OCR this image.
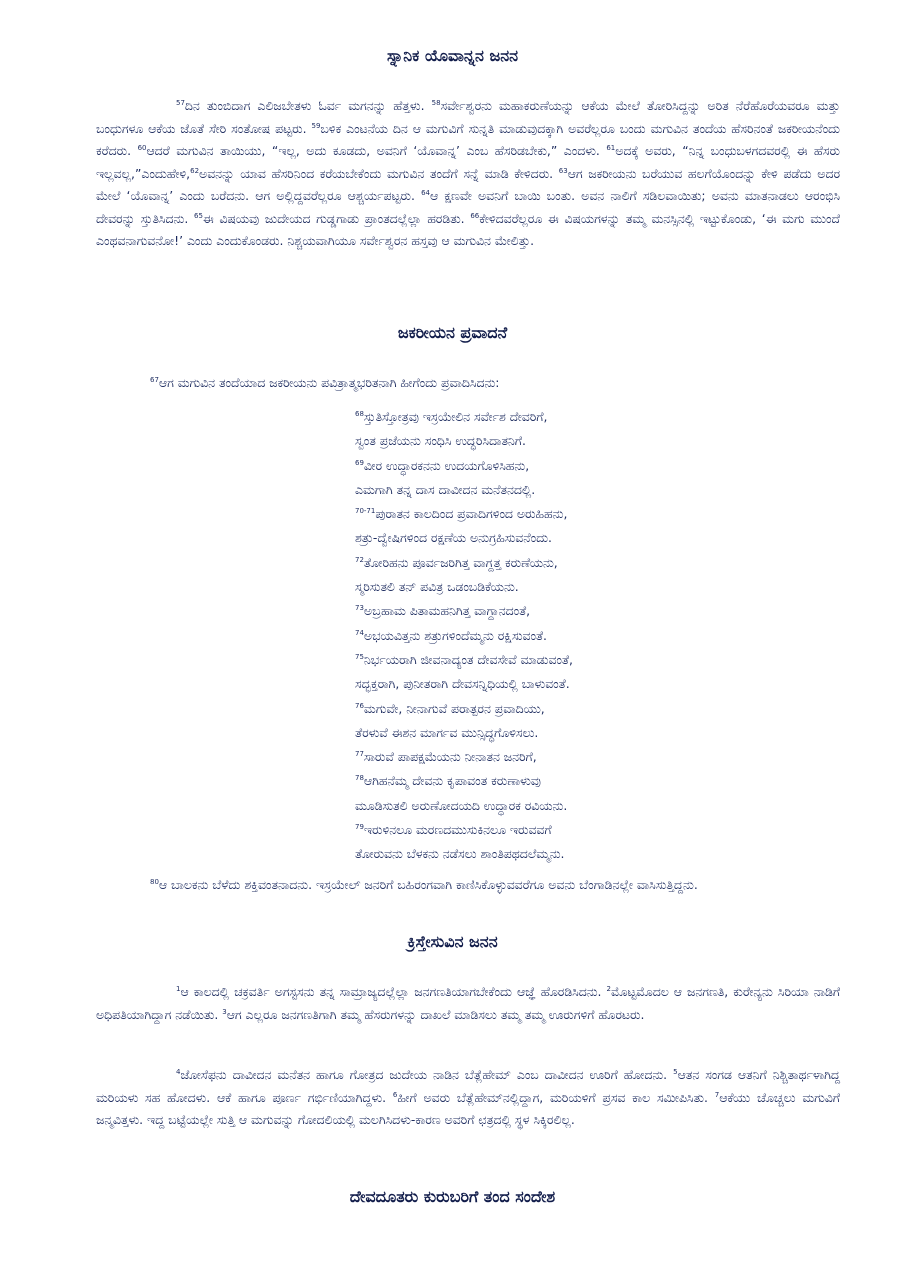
ಸ್ನಾನಿಕ ಯೊವಾನ್ನನ ಜನನ
$^{57}$ದಿನ ತುಂಬಿದಾಗ ಎಲಿಜಬೇತಳು ಓರ್ವ ಮಗನನ್ನು ಹೆತ್ತಳು. $^{58}$ಸರ್ವೇಶ್ವರನು ಮಹಾಕರುಣೆಯನ್ನು ಆಕೆಯ ಮೇಲೆ ತೋರಿಸಿದ್ದನ್ನು ಅರಿತ ನೆರೆಹೊರೆಯವರೂ ಮತ್ತು ಬಂಧುಗಳೂ ಆಕೆಯ ಜೊತೆ ಸೇರಿ ಸಂತೋಷ ಪಟ್ಟರು. $^{59}$ಬಳಿಕ ಎಂಟನೆಯ ದಿನ ಆ ಮಗುವಿಗೆ ಸುನ್ನತಿ ಮಾಡುವುದಕ್ಕಾಗಿ ಅವರೆಲ್ಲರೂ ಬಂದು ಮಗುವಿನ ತಂದೆಯ ಹೆಸರಿನಂತೆ ಜಕರೀಯನೆಂದು ಕರೆದರು. $^{60}$ಆದರೆ ಮಗುವಿನ ತಾಯಿಯು, “ಇಲ್ಲ, ಅದು ಕೂಡದು, ಅವನಿಗೆ ‘ಯೊವಾನ್ನ’ ಎಂಬ ಹೆಸರಿಡಬೇಕು,” ಎಂದಳು. $^{61}$ಅದಕ್ಕೆ ಅವರು, “ನಿನ್ನ ಬಂಧುಬಳಗದವರಲ್ಲಿ ಈ ಹೆಸರು ಇಲ್ಲವಲ್ಲ,”ಎಂದುಹೇಳಿ,$^{62}$ಅವನನ್ನು ಯಾವ ಹೆಸರಿನಿಂದ ಕರೆಯಬೇಕೆಂದು ಮಗುವಿನ ತಂದೆಗೆ ಸನ್ನೆ ಮಾಡಿ ಕೇಳಿದರು. $^{63}$ಆಗ ಜಕರೀಯನು ಬರೆಯುವ ಹಲಗೆಯೊಂದನ್ನು ಕೇಳಿ ಪಡೆದು ಅದರ ಮೇಲೆ ‘ಯೊವಾನ್ನ’ ಎಂದು ಬರೆದನು. ಆಗ ಅಲ್ಲಿದ್ದವರೆಲ್ಲರೂ ಆಶ್ಚರ್ಯಪಟ್ಟರು. $^{64}$ಆ ಕ್ಷಣವೇ ಅವನಿಗೆ ಬಾಯಿ ಬಂತು. ಅವನ ನಾಲಿಗೆ ಸಡಿಲವಾಯಿತು; ಅವನು ಮಾತನಾಡಲು ಆರಂಭಿಸಿ ದೇವರನ್ನು ಸ್ತುತಿಸಿದನು. $^{65}$ಈ ವಿಷಯವು ಜುದೇಯದ ಗುಡ್ಡಗಾಡು ಪ್ರಾಂತದಲ್ಲೆಲ್ಲಾ ಹರಡಿತು. $^{66}$ಕೇಳಿದವರೆಲ್ಲರೂ ಈ ವಿಷಯಗಳನ್ನು ತಮ್ಮ ಮನಸ್ಸಿನಲ್ಲಿ ಇಟ್ಟುಕೊಂಡು, ‘ಈ ಮಗು ಮುಂದೆ ಎಂಥವನಾಗುವನೋ!’ ಎಂದು ಎಂದುಕೊಂಡರು. ನಿಶ್ಚಯವಾಗಿಯೂ ಸರ್ವೇಶ್ವರನ ಹಸ್ತವು ಆ ಮಗುವಿನ ಮೇಲಿತ್ತು.
ಜಕರೀಯನ ಪ್ರವಾದನೆ
$^{67}$ಆಗ ಮಗುವಿನ ತಂದೆಯಾದ ಜಕರೀಯನು ಪವಿತ್ರಾತ್ಮಭರಿತನಾಗಿ ಹೀಗೆಂದು ಪ್ರವಾದಿಸಿದನು:
$^{68}$ಸ್ತುತಿಸ್ತೋತ್ರವು ಇಸ್ರಯೇಲಿನ ಸರ್ವೇಶ ದೇವರಿಗೆ,
ಸ್ವಂತ ಪ್ರಜೆಯನು ಸಂಧಿಸಿ ಉದ್ಧರಿಸಿದಾತನಿಗೆ.
$^{69}$ವೀರ ಉದ್ಧಾರಕನನು ಉದಯಗೊಳಿಸಿಹನು,
ಎಮಗಾಗಿ ತನ್ನ ದಾಸ ದಾವೀದನ ಮನೆತನದಲ್ಲಿ.
$^{70-71}$ಪುರಾತನ ಕಾಲದಿಂದ ಪ್ರವಾದಿಗಳಿಂದ ಅರುಹಿಹನು,
ಶತ್ರು-ದ್ವೇಷಿಗಳಿಂದ ರಕ್ಷಣೆಯ ಅನುಗ್ರಹಿಸುವನೆಂದು.
$^{72}$ತೋರಿಹನು ಪೂರ್ವಜರಿಗಿತ್ತ ವಾಗ್ದತ್ತ ಕರುಣೆಯನು,
ಸ್ಮರಿಸುತಲಿ ತನ್ ಪವಿತ್ರ ಒಡಂಬಡಿಕೆಯನು.
$^{73}$ಅಬ್ರಹಾಮ ಪಿತಾಮಹನಿಗಿತ್ತ ವಾಗ್ದಾನದಂತೆ,
$^{74}$ಅಭಯವಿತ್ತನು ಶತ್ರುಗಳಿಂದೆಮ್ಮನು ರಕ್ಷಿಸುವಂತೆ.
$^{75}$ನಿರ್ಭಯರಾಗಿ ಜೀವನಾದ್ಯಂತ ದೇವಸೇವೆ ಮಾಡುವಂತೆ,
ಸದ್ಭಕ್ತರಾಗಿ, ಪುನೀತರಾಗಿ ದೇವಸನ್ನಿಧಿಯಲ್ಲಿ ಬಾಳುವಂತೆ.
$^{76}$ಮಗುವೇ, ನೀನಾಗುವೆ ಪರಾತ್ಪರನ ಪ್ರವಾದಿಯು,
ತೆರಳುವೆ ಈಶನ ಮಾರ್ಗವ ಮುನ್ಸಿದ್ಧಗೊಳಿಸಲು.
$^{77}$ಸಾರುವೆ ಪಾಪಕ್ಷಮೆಯನು ನೀನಾತನ ಜನರಿಗೆ,
$^{78}$ಆಗಿಹನೆಮ್ಮ ದೇವನು ಕೃಪಾವಂತ ಕರುಣಾಳುವು
ಮೂಡಿಸುತಲಿ ಅರುಣೋದಯದಿ ಉದ್ಧಾರಕ ರವಿಯನು.
$^{79}$ಇರುಳಿನಲೂ ಮರಣದಮುಸುಕಿನಲೂ ಇರುವವಗೆ
ತೋರುವನು ಬೆಳಕನು ನಡೆಸಲು ಶಾಂತಿಪಥದಲೆಮ್ಮನು.
$^{80}$ಆ ಬಾಲಕನು ಬೆಳೆದು ಶಕ್ತಿವಂತನಾದನು. ಇಸ್ರಯೇಲ್ ಜನರಿಗೆ ಬಹಿರಂಗವಾಗಿ ಕಾಣಿಸಿಕೊಳ್ಳುವವರೆಗೂ ಅವನು ಬೆಂಗಾಡಿನಲ್ಲೇ ವಾಸಿಸುತ್ತಿದ್ದನು.
ಕ್ರಿಸ್ತೇಸುವಿನ ಜನನ
$^1$ಆ ಕಾಲದಲ್ಲಿ ಚಕ್ರವರ್ತಿ ಅಗಸ್ಟಸನು ತನ್ನ ಸಾಮ್ರಾಜ್ಯದಲ್ಲೆಲ್ಲಾ ಜನಗಣತಿಯಾಗಬೇಕೆಂದು ಆಜ್ಞೆ ಹೊರಡಿಸಿದನು. $^2$ಮೊಟ್ಟಮೊದಲ ಆ ಜನಗಣತಿ, ಕುರೇನ್ಯನು ಸಿರಿಯಾ ನಾಡಿಗೆ ಅಧಿಪತಿಯಾಗಿದ್ದಾಗ ನಡೆಯಿತು. $^3$ಆಗ ಎಲ್ಲರೂ ಜನಗಣತಿಗಾಗಿ ತಮ್ಮ ಹೆಸರುಗಳನ್ನು ದಾಖಲೆ ಮಾಡಿಸಲು ತಮ್ಮ ತಮ್ಮ ಊರುಗಳಿಗೆ ಹೊರಟರು.
$^4$ಜೋಸೆಫನು ದಾವೀದನ ಮನೆತನ ಹಾಗೂ ಗೋತ್ರದ ಜುದೇಯ ನಾಡಿನ ಬೆತ್ಲೆಹೇಮ್ ಎಂಬ ದಾವೀದನ ಊರಿಗೆ ಹೋದನು. $^5$ಆತನ ಸಂಗಡ ಆತನಿಗೆ ನಿಶ್ಚಿತಾರ್ಥಳಾಗಿದ್ದ ಮರಿಯಳು ಸಹ ಹೋದಳು. ಆಕೆ ಹಾಗೂ ಪೂರ್ಣ ಗರ್ಭಿಣಿಯಾಗಿದ್ದಳು. $^6$ಹೀಗೆ ಅವರು ಬೆತ್ಲೆಹೇಮ್‌ನಲ್ಲಿದ್ದಾಗ, ಮರಿಯಳಿಗೆ ಪ್ರಸವ ಕಾಲ ಸಮೀಪಿಸಿತು. $^7$ಆಕೆಯು ಚೊಚ್ಚಲು ಮಗುವಿಗೆ ಜನ್ಮವಿತ್ತಳು. ಇದ್ದ ಬಟ್ಟೆಯಲ್ಲೇ ಸುತ್ತಿ ಆ ಮಗುವನ್ನು ಗೋದಲಿಯಲ್ಲಿ ಮಲಗಿಸಿದಳು-ಕಾರಣ ಅವರಿಗೆ ಛತ್ರದಲ್ಲಿ ಸ್ಥಳ ಸಿಕ್ಕಿರಲಿಲ್ಲ.
ದೇವದೂತರು ಕುರುಬರಿಗೆ ತಂದ ಸಂದೇಶ
